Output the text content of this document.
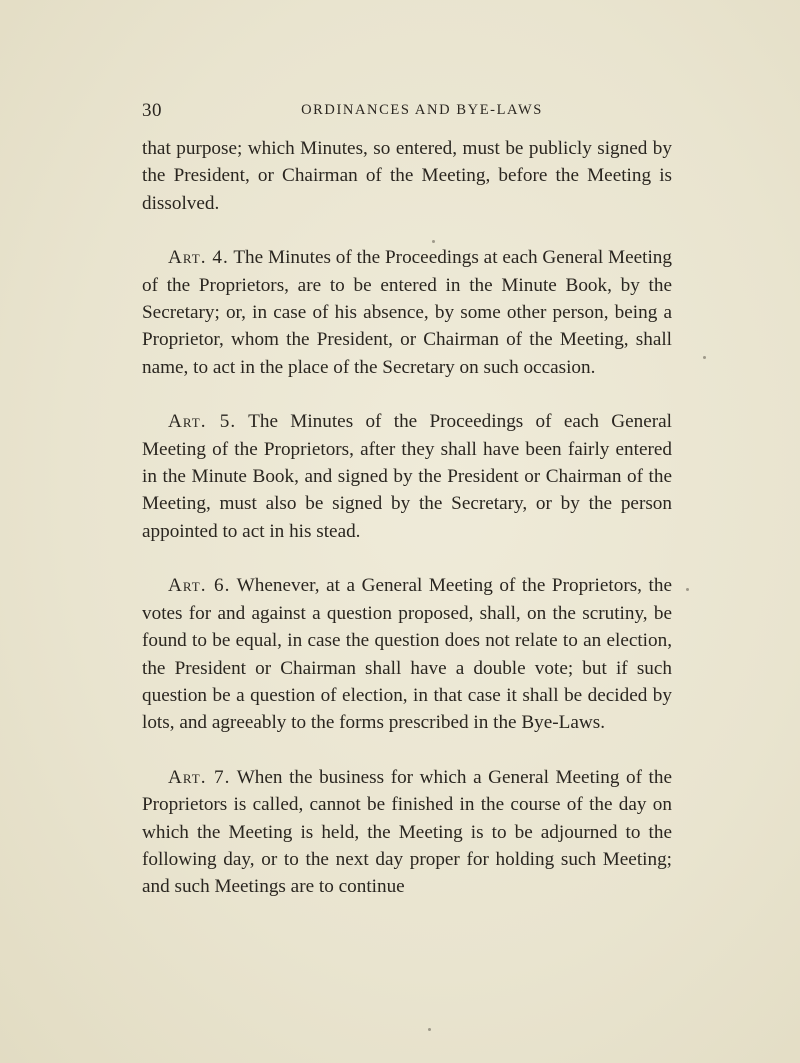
30	ORDINANCES AND BYE-LAWS

that purpose; which Minutes, so entered, must be publicly signed by the President, or Chairman of the Meeting, before the Meeting is dissolved.

Art. 4. The Minutes of the Proceedings at each General Meeting of the Proprietors, are to be entered in the Minute Book, by the Secretary; or, in case of his absence, by some other person, being a Proprietor, whom the President, or Chairman of the Meeting, shall name, to act in the place of the Secretary on such occasion.

Art. 5. The Minutes of the Proceedings of each General Meeting of the Proprietors, after they shall have been fairly entered in the Minute Book, and signed by the President or Chairman of the Meeting, must also be signed by the Secretary, or by the person appointed to act in his stead.

Art. 6. Whenever, at a General Meeting of the Proprietors, the votes for and against a question proposed, shall, on the scrutiny, be found to be equal, in case the question does not relate to an election, the President or Chairman shall have a double vote; but if such question be a question of election, in that case it shall be decided by lots, and agreeably to the forms prescribed in the Bye-Laws.

Art. 7. When the business for which a General Meeting of the Proprietors is called, cannot be finished in the course of the day on which the Meeting is held, the Meeting is to be adjourned to the following day, or to the next day proper for holding such Meeting; and such Meetings are to continue
